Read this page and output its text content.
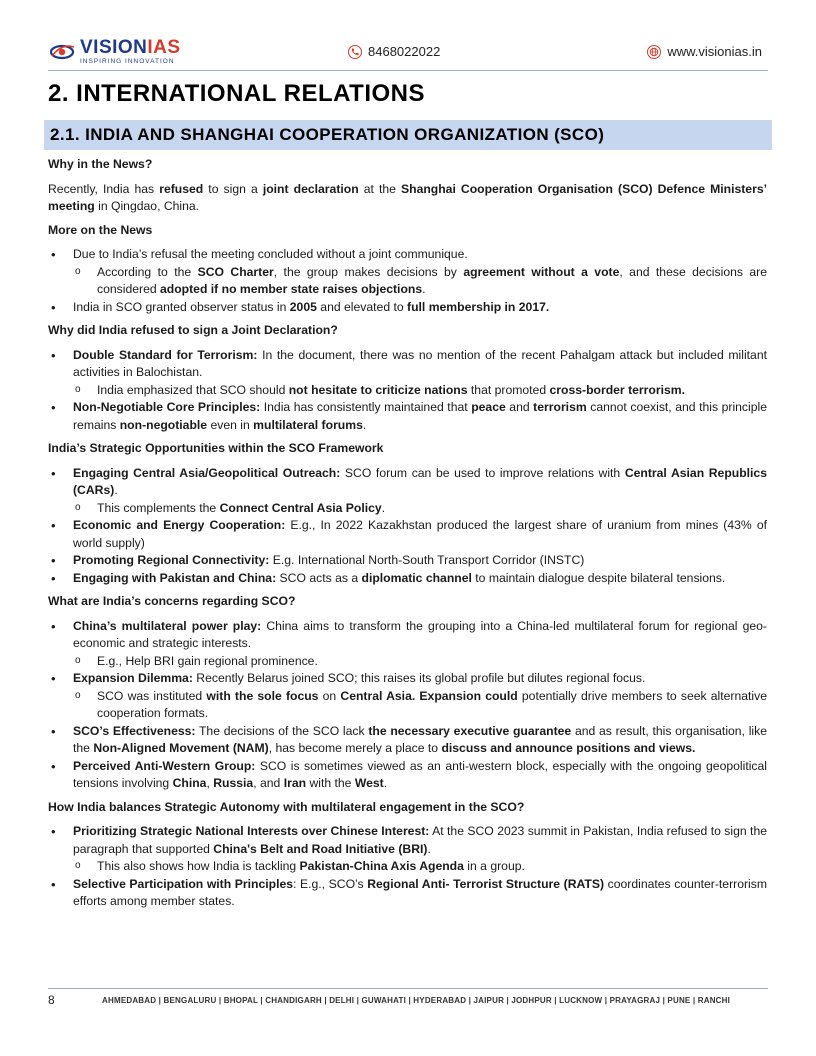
VISIONIAS
INSPIRING INNOVATION
8468022022	www.visionias.in
2. INTERNATIONAL RELATIONS
2.1. INDIA AND SHANGHAI COOPERATION ORGANIZATION (SCO)
Why in the News?

Recently, India has refused to sign a joint declaration at the Shanghai Cooperation Organisation (SCO) Defence Ministers’ meeting in Qingdao, China.

More on the News
• Due to India’s refusal the meeting concluded without a joint communique.
o According to the SCO Charter, the group makes decisions by agreement without a vote, and these decisions are considered adopted if no member state raises objections.
• India in SCO granted observer status in 2005 and elevated to full membership in 2017.
Why did India refused to sign a Joint Declaration?
• Double Standard for Terrorism: In the document, there was no mention of the recent Pahalgam attack but included militant activities in Balochistan.
o India emphasized that SCO should not hesitate to criticize nations that promoted cross-border terrorism.
• Non-Negotiable Core Principles: India has consistently maintained that peace and terrorism cannot coexist, and this principle remains non-negotiable even in multilateral forums.
India’s Strategic Opportunities within the SCO Framework
• Engaging Central Asia/Geopolitical Outreach: SCO forum can be used to improve relations with Central Asian Republics (CARs).
o This complements the Connect Central Asia Policy.
• Economic and Energy Cooperation: E.g., In 2022 Kazakhstan produced the largest share of uranium from mines (43% of world supply)
• Promoting Regional Connectivity: E.g. International North-South Transport Corridor (INSTC)
• Engaging with Pakistan and China: SCO acts as a diplomatic channel to maintain dialogue despite bilateral tensions.
What are India’s concerns regarding SCO?
• China’s multilateral power play: China aims to transform the grouping into a China-led multilateral forum for regional geo-economic and strategic interests.
o E.g., Help BRI gain regional prominence.
• Expansion Dilemma: Recently Belarus joined SCO; this raises its global profile but dilutes regional focus.
o SCO was instituted with the sole focus on Central Asia. Expansion could potentially drive members to seek alternative cooperation formats.
• SCO’s Effectiveness: The decisions of the SCO lack the necessary executive guarantee and as result, this organisation, like the Non-Aligned Movement (NAM), has become merely a place to discuss and announce positions and views.
• Perceived Anti-Western Group: SCO is sometimes viewed as an anti-western block, especially with the ongoing geopolitical tensions involving China, Russia, and Iran with the West.
How India balances Strategic Autonomy with multilateral engagement in the SCO?
• Prioritizing Strategic National Interests over Chinese Interest: At the SCO 2023 summit in Pakistan, India refused to sign the paragraph that supported China's Belt and Road Initiative (BRI).
o This also shows how India is tackling Pakistan-China Axis Agenda in a group.
• Selective Participation with Principles: E.g., SCO’s Regional Anti- Terrorist Structure (RATS) coordinates counter-terrorism efforts among member states.
8	AHMEDABAD | BENGALURU | BHOPAL | CHANDIGARH | DELHI | GUWAHATI | HYDERABAD | JAIPUR | JODHPUR | LUCKNOW | PRAYAGRAJ | PUNE | RANCHI
